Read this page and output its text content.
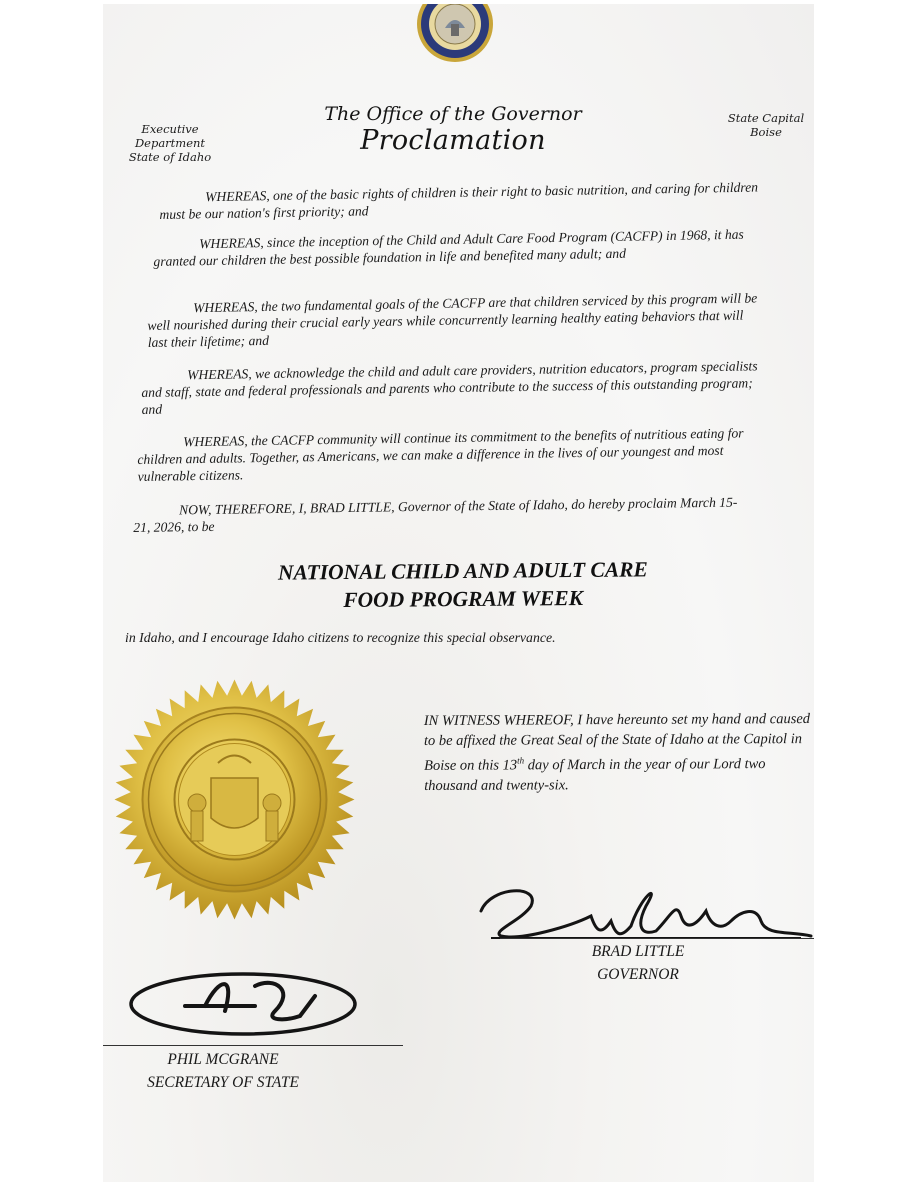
Executive Department
State of Idaho
The Office of the Governor
Proclamation
State Capital
Boise

WHEREAS, one of the basic rights of children is their right to basic nutrition, and caring for children must be our nation's first priority; and

WHEREAS, since the inception of the Child and Adult Care Food Program (CACFP) in 1968, it has granted our children the best possible foundation in life and benefited many adult; and

WHEREAS, the two fundamental goals of the CACFP are that children serviced by this program will be well nourished during their crucial early years while concurrently learning healthy eating behaviors that will last their lifetime; and

WHEREAS, we acknowledge the child and adult care providers, nutrition educators, program specialists and staff, state and federal professionals and parents who contribute to the success of this outstanding program; and

WHEREAS, the CACFP community will continue its commitment to the benefits of nutritious eating for children and adults. Together, as Americans, we can make a difference in the lives of our youngest and most vulnerable citizens.

NOW, THEREFORE, I, BRAD LITTLE, Governor of the State of Idaho, do hereby proclaim March 15-21, 2026, to be

NATIONAL CHILD AND ADULT CARE
FOOD PROGRAM WEEK
in Idaho, and I encourage Idaho citizens to recognize this special observance.

IN WITNESS WHEREOF, I have hereunto set my hand and caused to be affixed the Great Seal of the State of Idaho at the Capitol in Boise on this 13th day of March in the year of our Lord two thousand and twenty-six.

BRAD LITTLE
GOVERNOR
PHIL MCGRANE
SECRETARY OF STATE
